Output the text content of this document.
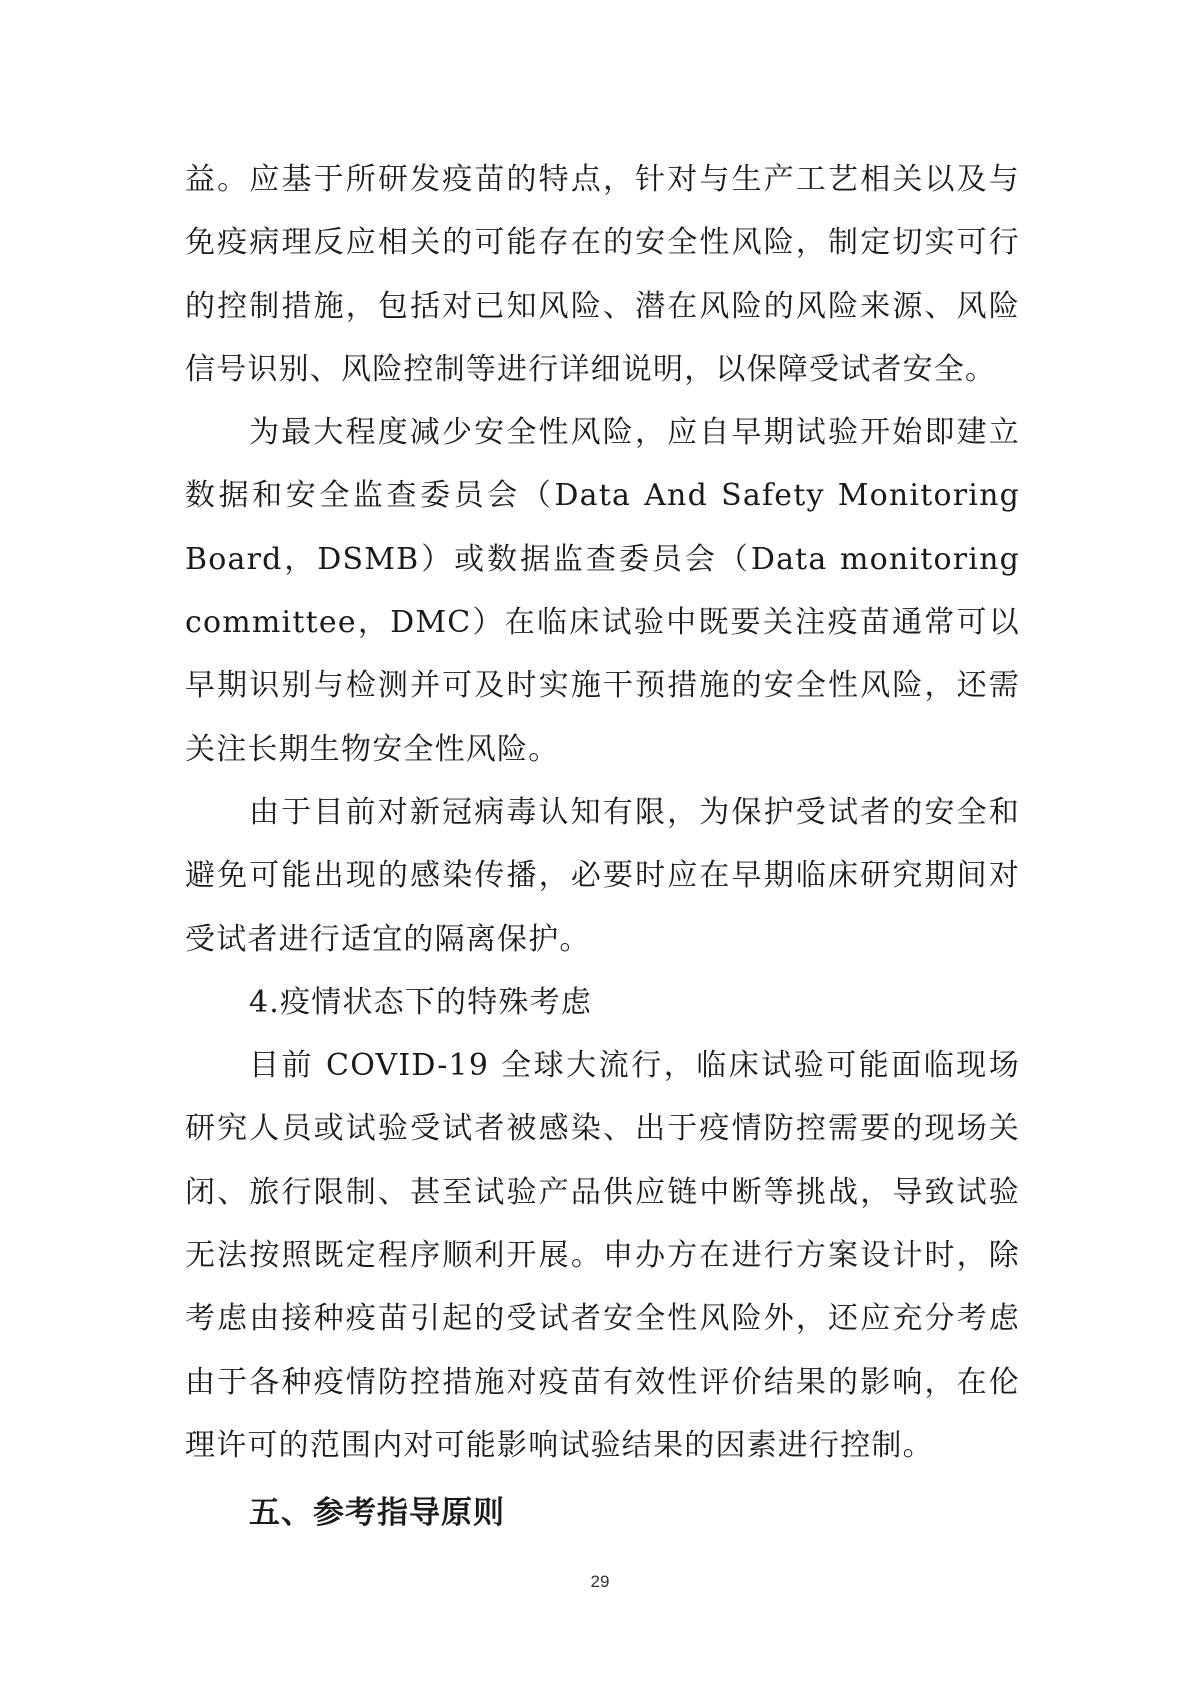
益。应基于所研发疫苗的特点，针对与生产工艺相关以及与免疫病理反应相关的可能存在的安全性风险，制定切实可行的控制措施，包括对已知风险、潜在风险的风险来源、风险信号识别、风险控制等进行详细说明，以保障受试者安全。

为最大程度减少安全性风险，应自早期试验开始即建立数据和安全监查委员会（Data And Safety Monitoring Board，DSMB）或数据监查委员会（Data monitoring committee，DMC）在临床试验中既要关注疫苗通常可以早期识别与检测并可及时实施干预措施的安全性风险，还需关注长期生物安全性风险。

由于目前对新冠病毒认知有限，为保护受试者的安全和避免可能出现的感染传播，必要时应在早期临床研究期间对受试者进行适宜的隔离保护。

4.疫情状态下的特殊考虑

目前 COVID-19 全球大流行，临床试验可能面临现场研究人员或试验受试者被感染、出于疫情防控需要的现场关闭、旅行限制、甚至试验产品供应链中断等挑战，导致试验无法按照既定程序顺利开展。申办方在进行方案设计时，除考虑由接种疫苗引起的受试者安全性风险外，还应充分考虑由于各种疫情防控措施对疫苗有效性评价结果的影响，在伦理许可的范围内对可能影响试验结果的因素进行控制。

五、参考指导原则

29
